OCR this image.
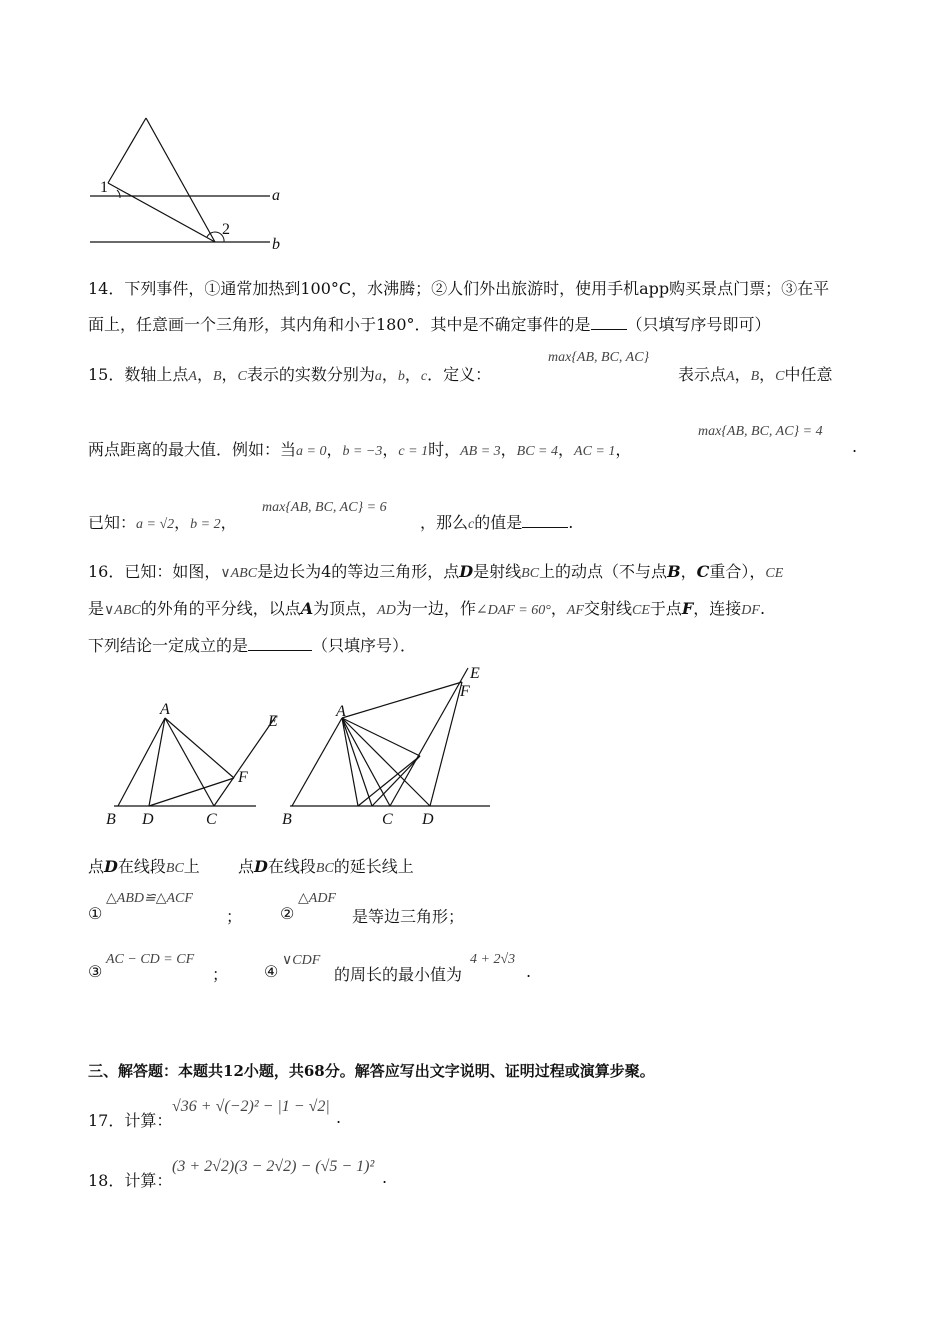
1
2
a
b
14．下列事件，①通常加热到100°C，水沸腾；②人们外出旅游时，使用手机app购买景点门票；③在平
面上，任意画一个三角形，其内角和小于180°．其中是不确定事件的是 （只填写序号即可）
15．数轴上点A，B，C表示的实数分别为a，b，c．定义：
max{AB, BC, AC}
表示点A，B，C中任意
两点距离的最大值．例如：当a = 0，b = −3，c = 1时，AB = 3，BC = 4，AC = 1，
max{AB, BC, AC} = 4
.
已知：a = √2，b = 2，
max{AB, BC, AC} = 6
，那么c的值是	.
16．已知：如图，∨ABC是边长为4的等边三角形，点D是射线BC上的动点（不与点B，C重合），CE
是∨ABC的外角的平分线，以点A为顶点，AD为一边，作∠DAF = 60°，AF交射线CE于点F，连接DF.
下列结论一定成立的是	（只填序号）．
A
B D	C
F
E
A
B	C D
F
E
点D在线段BC上 点D在线段BC的延长线上
①
△ABD≌△ACF
； ②
△ADF
是等边三角形；
③
AC − CD = CF
； ④
∨CDF
的周长的最小值为
4 + 2√3
.
三、解答题：本题共12小题，共68分。解答应写出文字说明、证明过程或演算步聚。
17．计算：
√36 + √(−2)² − |1 − √2|
.
18．计算：
(3 + 2√2)(3 − 2√2) − (√5 − 1)²
.
